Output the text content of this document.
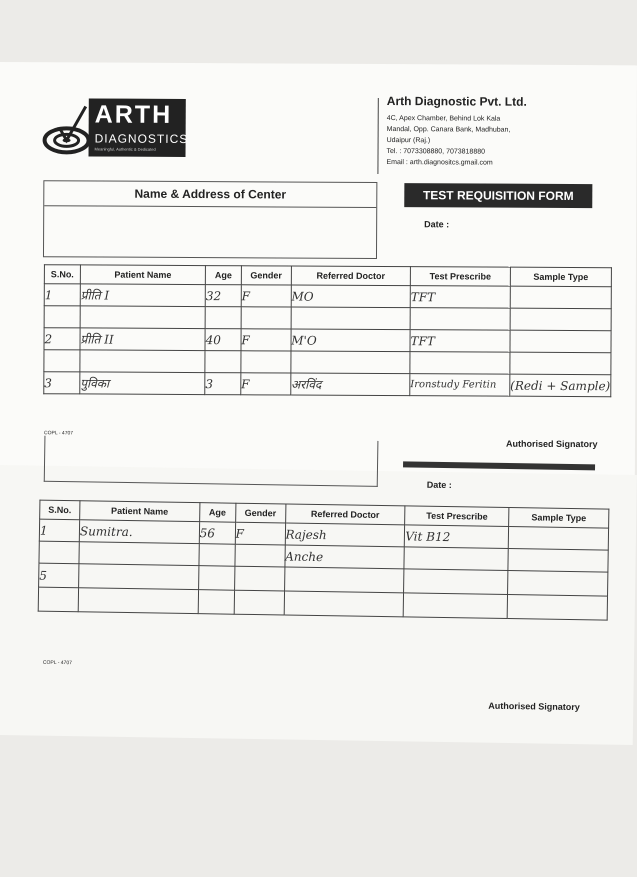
ARTH
DIAGNOSTICS
Meaningful, Authentic & Dedicated
Arth Diagnostic Pvt. Ltd.
4C, Apex Chamber, Behind Lok Kala
Mandal, Opp. Canara Bank, Madhuban,
Udaipur (Raj.)
Tel. : 7073308880, 7073818880
Email : arth.diagnositcs.gmail.com
Name & Address of Center	TEST REQUISITION FORM
Date :
S.No.	Patient Name	Age	Gender	Referred Doctor	Test Prescribe	Sample Type
1	प्रीति I	32	F	MO	TFT	

2	प्रीति II	40	F	M'O	TFT	

3	पुविका	3	F	अरविंद	Ironstudy Feritin	(Redi + Sample)
COPL - 4707
Authorised Signatory
Date :
S.No.	Patient Name	Age	Gender	Referred Doctor	Test Prescribe	Sample Type
1	Sumitra.	56	F	Rajesh	Vit B12	
				Anche		
5						

COPL - 4707
Authorised Signatory
